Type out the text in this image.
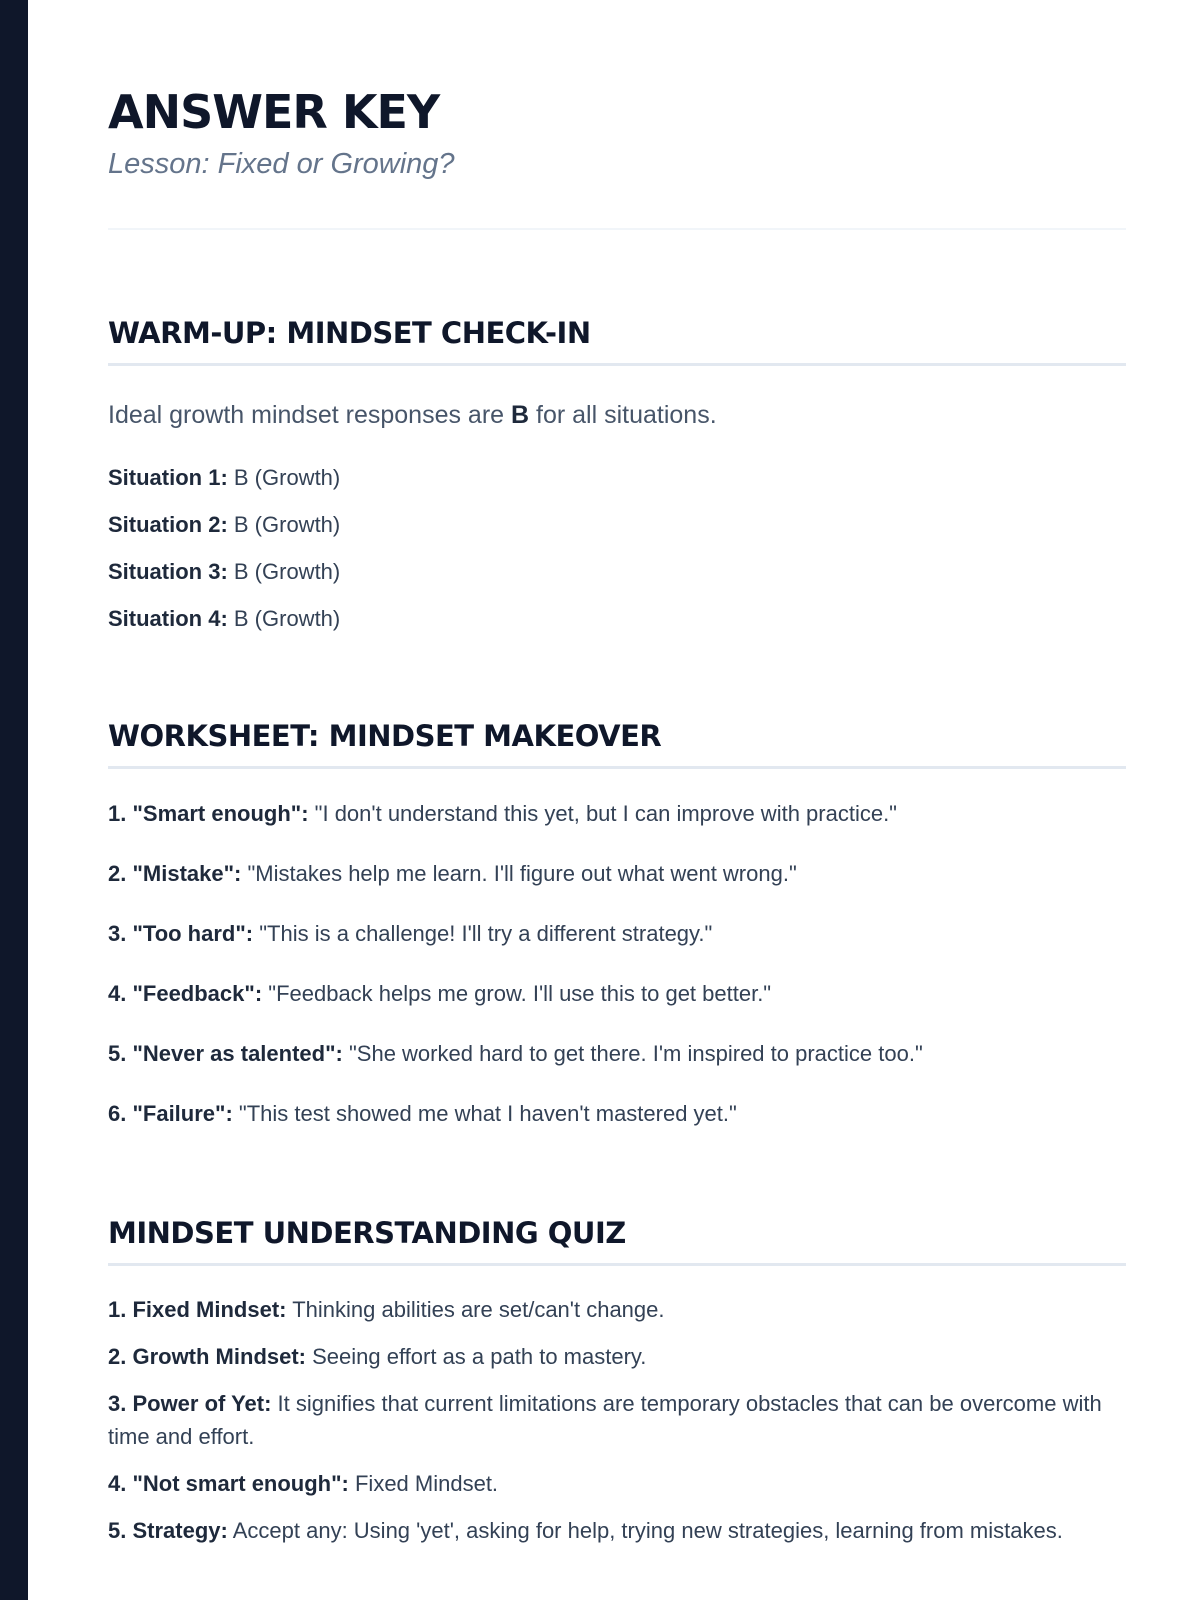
ANSWER KEY
Lesson: Fixed or Growing?
WARM-UP: MINDSET CHECK-IN
Ideal growth mindset responses are B for all situations.
Situation 1: B (Growth)
Situation 2: B (Growth)
Situation 3: B (Growth)
Situation 4: B (Growth)
WORKSHEET: MINDSET MAKEOVER
1. "Smart enough": "I don't understand this yet, but I can improve with practice."
2. "Mistake": "Mistakes help me learn. I'll figure out what went wrong."
3. "Too hard": "This is a challenge! I'll try a different strategy."
4. "Feedback": "Feedback helps me grow. I'll use this to get better."
5. "Never as talented": "She worked hard to get there. I'm inspired to practice too."
6. "Failure": "This test showed me what I haven't mastered yet."
MINDSET UNDERSTANDING QUIZ
1. Fixed Mindset: Thinking abilities are set/can't change.
2. Growth Mindset: Seeing effort as a path to mastery.
3. Power of Yet: It signifies that current limitations are temporary obstacles that can be overcome with time and effort.
4. "Not smart enough": Fixed Mindset.
5. Strategy: Accept any: Using 'yet', asking for help, trying new strategies, learning from mistakes.
